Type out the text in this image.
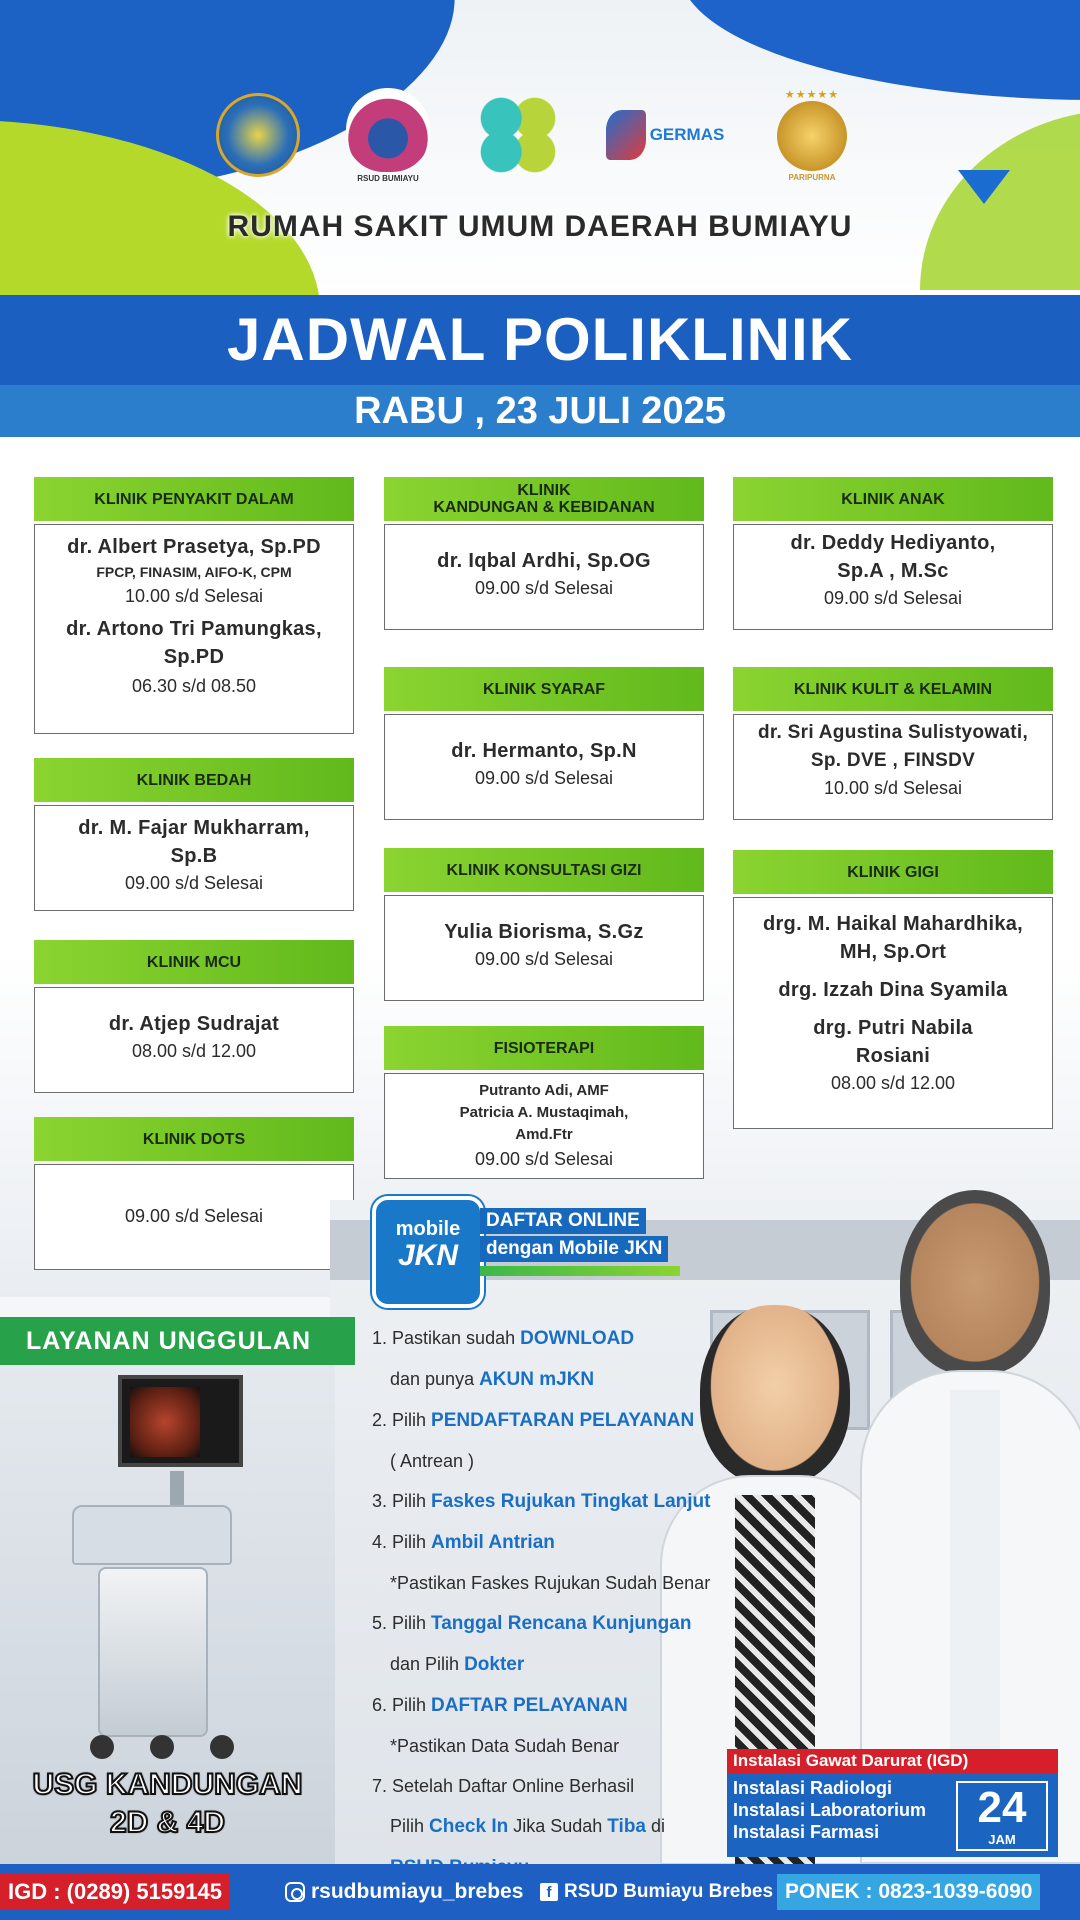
RSUD BUMIAYU
GERMAS
★★★★★
PARIPURNA
RUMAH SAKIT UMUM DAERAH BUMIAYU
JADWAL POLIKLINIK
RABU , 23 JULI 2025
KLINIK PENYAKIT DALAM
dr. Albert Prasetya, Sp.PD
FPCP, FINASIM, AIFO-K, CPM
10.00 s/d Selesai
dr. Artono Tri Pamungkas,
Sp.PD
06.30 s/d 08.50
KLINIK BEDAH
dr. M. Fajar Mukharram,
Sp.B
09.00 s/d Selesai
KLINIK MCU
dr. Atjep Sudrajat
08.00 s/d 12.00
KLINIK DOTS
09.00 s/d Selesai
KLINIK
KANDUNGAN & KEBIDANAN
dr. Iqbal Ardhi, Sp.OG
09.00 s/d Selesai
KLINIK SYARAF
dr. Hermanto, Sp.N
09.00 s/d Selesai
KLINIK KONSULTASI GIZI
Yulia Biorisma, S.Gz
09.00 s/d Selesai
FISIOTERAPI
Putranto Adi, AMF
Patricia A. Mustaqimah,
Amd.Ftr
09.00 s/d Selesai
KLINIK ANAK
dr. Deddy Hediyanto,
Sp.A , M.Sc
09.00 s/d Selesai
KLINIK KULIT & KELAMIN
dr. Sri Agustina Sulistyowati,
Sp. DVE , FINSDV
10.00 s/d Selesai
KLINIK GIGI
drg. M. Haikal Mahardhika,
MH, Sp.Ort
drg. Izzah Dina Syamila
drg. Putri Nabila
Rosiani
08.00 s/d 12.00
LAYANAN UNGGULAN
USG KANDUNGAN
2D & 4D
mobile
JKN
DAFTAR ONLINE
dengan Mobile JKN
1. Pastikan sudah DOWNLOAD
dan punya AKUN mJKN
2. Pilih PENDAFTARAN PELAYANAN
( Antrean )
3. Pilih Faskes Rujukan Tingkat Lanjut
4. Pilih Ambil Antrian
*Pastikan Faskes Rujukan Sudah Benar
5. Pilih Tanggal Rencana Kunjungan
dan Pilih Dokter
6. Pilih DAFTAR PELAYANAN
*Pastikan Data Sudah Benar
7. Setelah Daftar Online Berhasil
Pilih Check In Jika Sudah Tiba di
Instalasi Gawat Darurat (IGD)
Instalasi Radiologi
Instalasi Laboratorium
Instalasi Farmasi	24
JAM
IGD : (0289) 5159145	rsudbumiayu_brebes	f RSUD Bumiayu Brebes PONEK : 0823-1039-6090
